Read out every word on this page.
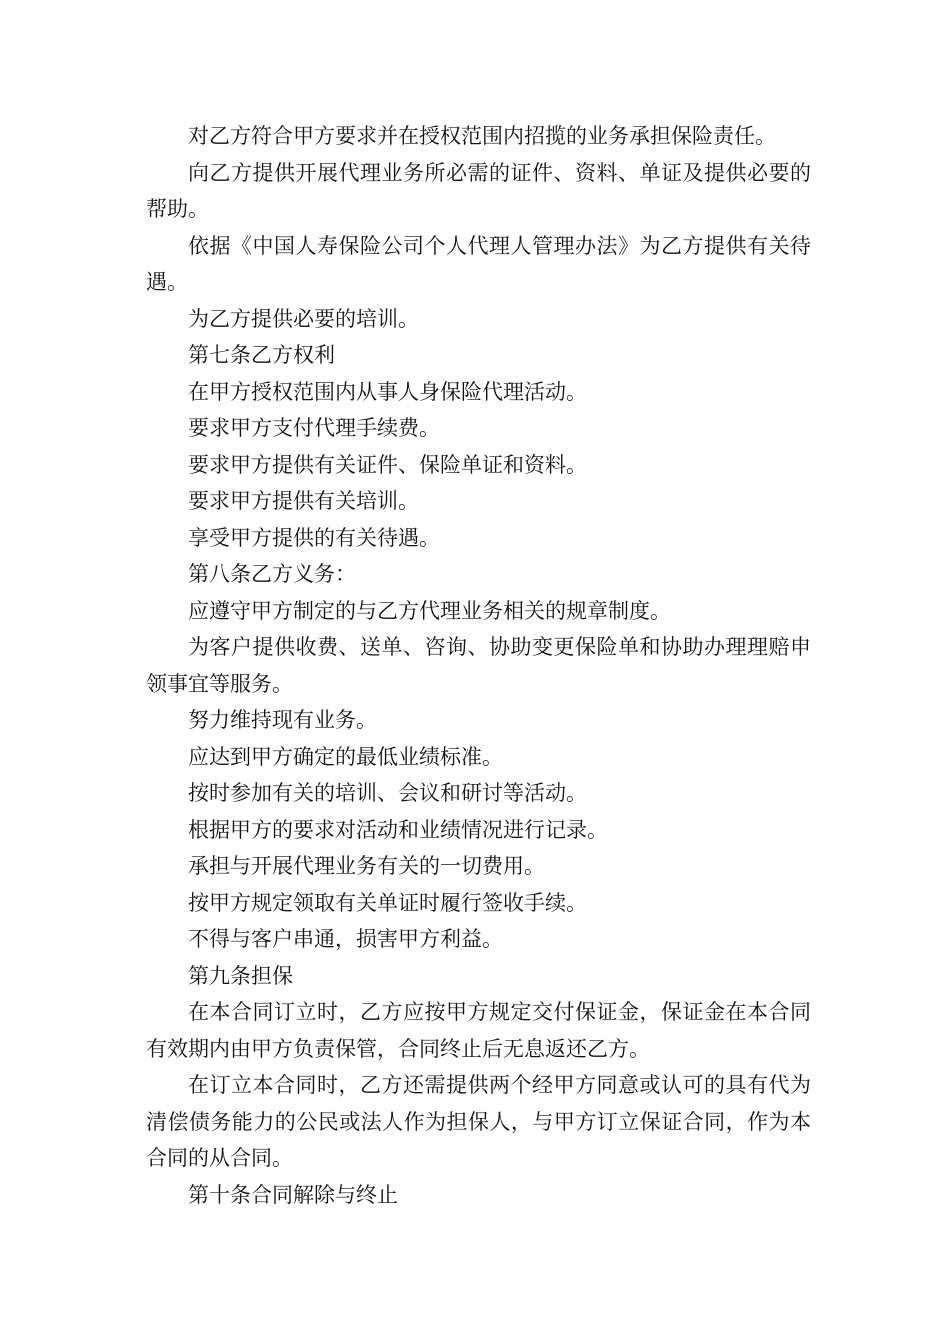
对乙方符合甲方要求并在授权范围内招揽的业务承担保险责任。

向乙方提供开展代理业务所必需的证件、资料、单证及提供必要的帮助。

依据《中国人寿保险公司个人代理人管理办法》为乙方提供有关待遇。

为乙方提供必要的培训。

第七条乙方权利

在甲方授权范围内从事人身保险代理活动。

要求甲方支付代理手续费。

要求甲方提供有关证件、保险单证和资料。

要求甲方提供有关培训。

享受甲方提供的有关待遇。

第八条乙方义务：

应遵守甲方制定的与乙方代理业务相关的规章制度。

为客户提供收费、送单、咨询、协助变更保险单和协助办理理赔申领事宜等服务。

努力维持现有业务。

应达到甲方确定的最低业绩标准。

按时参加有关的培训、会议和研讨等活动。

根据甲方的要求对活动和业绩情况进行记录。

承担与开展代理业务有关的一切费用。

按甲方规定领取有关单证时履行签收手续。

不得与客户串通，损害甲方利益。

第九条担保

在本合同订立时，乙方应按甲方规定交付保证金，保证金在本合同有效期内由甲方负责保管，合同终止后无息返还乙方。

在订立本合同时，乙方还需提供两个经甲方同意或认可的具有代为清偿债务能力的公民或法人作为担保人，与甲方订立保证合同，作为本合同的从合同。

第十条合同解除与终止
